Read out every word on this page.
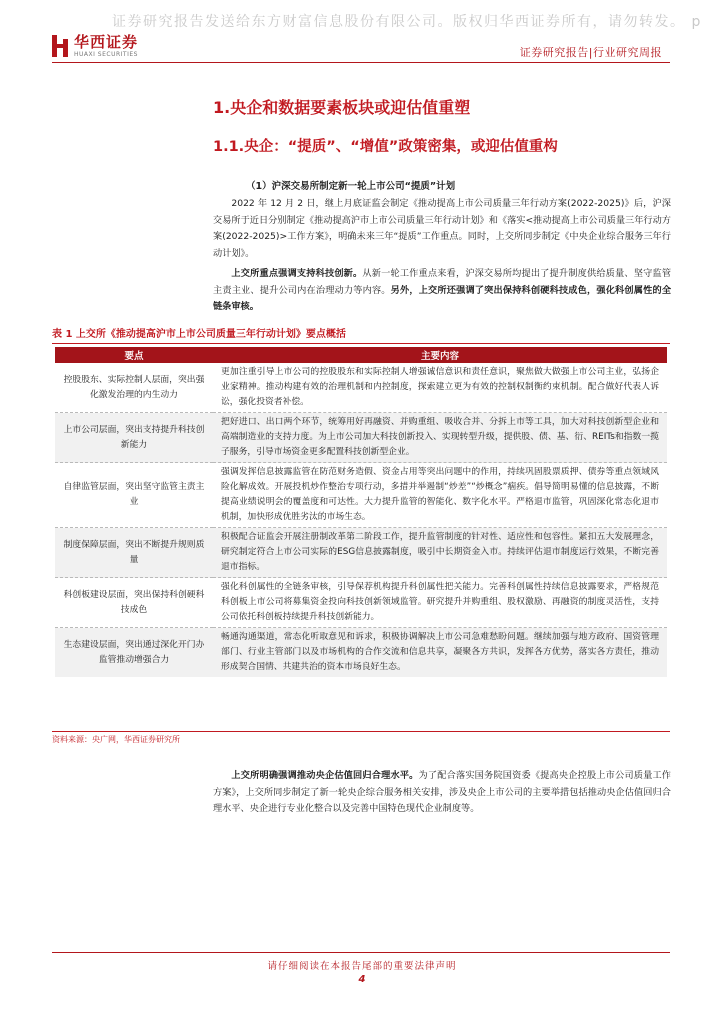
证券研究报告发送给东方财富信息股份有限公司。版权归华西证券所有，请勿转发。 p
华西证券
HUAXI SECURITIES	证券研究报告|行业研究周报
1.央企和数据要素板块或迎估值重塑
1.1.央企：“提质”、“增值”政策密集，或迎估值重构
（1）沪深交易所制定新一轮上市公司“提质”计划
2022 年 12 月 2 日，继上月底证监会制定《推动提高上市公司质量三年行动方案(2022-2025)》后，沪深交易所于近日分别制定《推动提高沪市上市公司质量三年行动计划》和《落实<推动提高上市公司质量三年行动方案(2022-2025)>工作方案》，明确未来三年“提质”工作重点。同时，上交所同步制定《中央企业综合服务三年行动计划》。
上交所重点强调支持科技创新。从新一轮工作重点来看，沪深交易所均提出了提升制度供给质量、坚守监管主责主业、提升公司内在治理动力等内容。另外，上交所还强调了突出保持科创硬科技成色，强化科创属性的全链条审核。
表 1 上交所《推动提高沪市上市公司质量三年行动计划》要点概括
要点	主要内容
控股股东、实际控制人层面，突出强化激发治理的内生动力	更加注重引导上市公司的控股股东和实际控制人增强诚信意识和责任意识，聚焦做大做强上市公司主业，弘扬企业家精神。推动构建有效的治理机制和内控制度，探索建立更为有效的控制权制衡约束机制。配合做好代表人诉讼，强化投资者补偿。
上市公司层面，突出支持提升科技创新能力	把好进口、出口两个环节，统筹用好再融资、并购重组、吸收合并、分拆上市等工具，加大对科技创新型企业和高端制造业的支持力度。为上市公司加大科技创新投入、实现转型升级，提供股、债、基、衍、REITs和指数一揽子服务，引导市场资金更多配置科技创新型企业。
自律监管层面，突出坚守监管主责主业	强调发挥信息披露监管在防范财务造假、资金占用等突出问题中的作用，持续巩固股票质押、债券等重点领域风险化解成效。开展投机炒作整治专项行动，多措并举遏制“炒差”“炒概念”痼疾。倡导简明易懂的信息披露，不断提高业绩说明会的覆盖度和可达性。大力提升监管的智能化、数字化水平。严格退市监管，巩固深化常态化退市机制，加快形成优胜劣汰的市场生态。
制度保障层面，突出不断提升规则质量	积极配合证监会开展注册制改革第二阶段工作，提升监管制度的针对性、适应性和包容性。紧扣五大发展理念，研究制定符合上市公司实际的ESG信息披露制度，吸引中长期资金入市。持续评估退市制度运行效果，不断完善退市指标。
科创板建设层面，突出保持科创硬科技成色	强化科创属性的全链条审核，引导保荐机构提升科创属性把关能力。完善科创属性持续信息披露要求，严格规范科创板上市公司将募集资金投向科技创新领域监管。研究提升并购重组、股权激励、再融资的制度灵活性，支持公司依托科创板持续提升科技创新能力。
生态建设层面，突出通过深化开门办监管推动增强合力	畅通沟通渠道，常态化听取意见和诉求，积极协调解决上市公司急难愁盼问题。继续加强与地方政府、国资管理部门、行业主管部门以及市场机构的合作交流和信息共享，凝聚各方共识，发挥各方优势，落实各方责任，推动形成契合国情、共建共治的资本市场良好生态。
资料来源：央广网，华西证券研究所
上交所明确强调推动央企估值回归合理水平。为了配合落实国务院国资委《提高央企控股上市公司质量工作方案》，上交所同步制定了新一轮央企综合服务相关安排，涉及央企上市公司的主要举措包括推动央企估值回归合理水平、央企进行专业化整合以及完善中国特色现代企业制度等。
请仔细阅读在本报告尾部的重要法律声明
4
